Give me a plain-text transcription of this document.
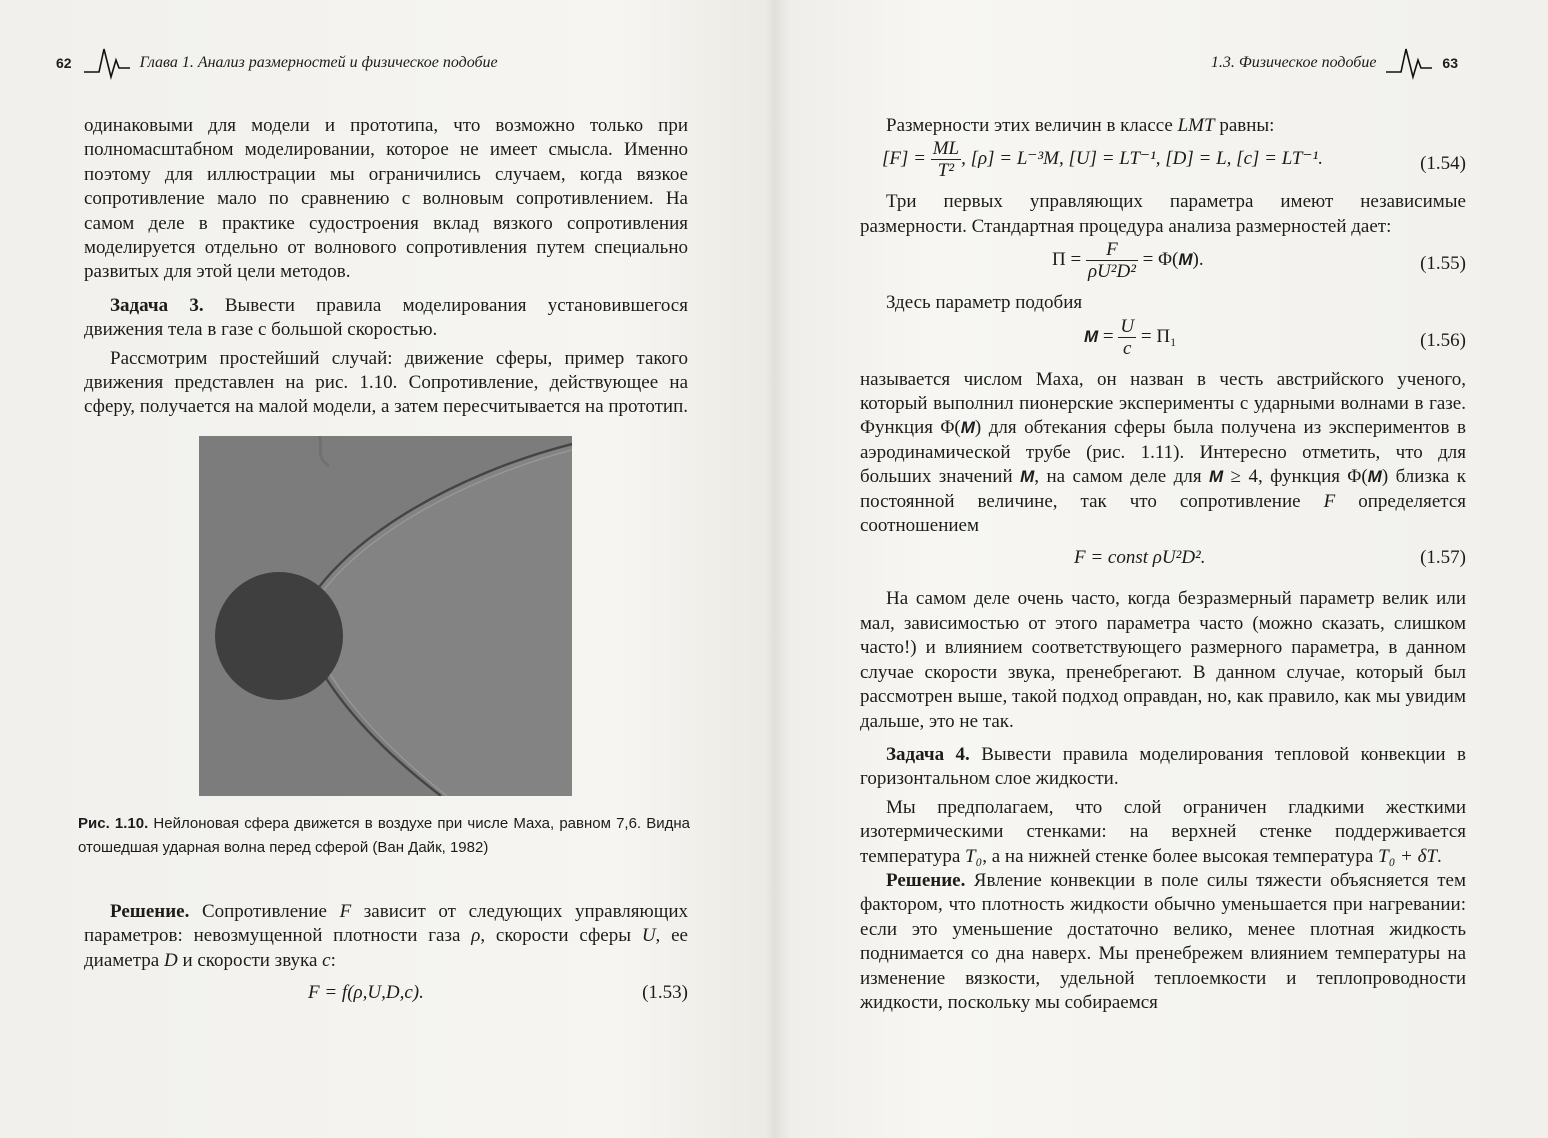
62	Глава 1. Анализ размерностей и физическое подобие

одинаковыми для модели и прототипа, что возможно только при полномасштабном моделировании, которое не имеет смысла. Именно поэтому для иллюстрации мы ограничились случаем, когда вязкое сопротивление мало по сравнению с волновым сопротивлением. На самом деле в практике судостроения вклад вязкого сопротивления моделируется отдельно от волнового сопротивления путем специально развитых для этой цели методов.

Задача 3. Вывести правила моделирования установившегося движения тела в газе с большой скоростью.

Рассмотрим простейший случай: движение сферы, пример такого движения представлен на рис. 1.10. Сопротивление, действующее на сферу, получается на малой модели, а затем пересчитывается на прототип.

Рис. 1.10. Нейлоновая сфера движется в воздухе при числе Маха, равном 7,6. Видна отошедшая ударная волна перед сферой (Ван Дайк, 1982)

Решение. Сопротивление F зависит от следующих управляющих параметров: невозмущенной плотности газа ρ, скорости сферы U, ее диаметра D и скорости звука c:

F = f(ρ,U,D,c).	(1.53)
1.3. Физическое подобие	63

Размерности этих величин в классе LMT равны:

$[F] = \frac{ML}{\text{T²}}$ , [ρ] = L⁻³M, [U] = LT⁻¹, [D] = L, [c] = LT⁻¹.	(1.54)

Три первых управляющих параметра имеют независимые размерности. Стандартная процедура анализа размерностей дает:

$\Pi = \frac{F}{\text{ρU²D²}} = \Phi(M)$.	(1.55)

Здесь параметр подобия

$M = \frac{U}{c} = \Pi_1$	(1.56)

называется числом Маха, он назван в честь австрийского ученого, который выполнил пионерские эксперименты с ударными волнами в газе. Функция Φ(M) для обтекания сферы была получена из экспериментов в аэродинамической трубе (рис. 1.11). Интересно отметить, что для больших значений M, на самом деле для M ≥ 4, функция Φ(M) близка к постоянной величине, так что сопротивление F определяется соотношением

F = const ρU²D².	(1.57)

На самом деле очень часто, когда безразмерный параметр велик или мал, зависимостью от этого параметра часто (можно сказать, слишком часто!) и влиянием соответствующего размерного параметра, в данном случае скорости звука, пренебрегают. В данном случае, который был рассмотрен выше, такой подход оправдан, но, как правило, как мы увидим дальше, это не так.

Задача 4. Вывести правила моделирования тепловой конвекции в горизонтальном слое жидкости.

Мы предполагаем, что слой ограничен гладкими жесткими изотермическими стенками: на верхней стенке поддерживается температура T₀, а на нижней стенке более высокая температура T₀ + δT.

Решение. Явление конвекции в поле силы тяжести объясняется тем фактором, что плотность жидкости обычно уменьшается при нагревании: если это уменьшение достаточно велико, менее плотная жидкость поднимается со дна наверх. Мы пренебрежем влиянием температуры на изменение вязкости, удельной теплоемкости и теплопроводности жидкости, поскольку мы собираемся
